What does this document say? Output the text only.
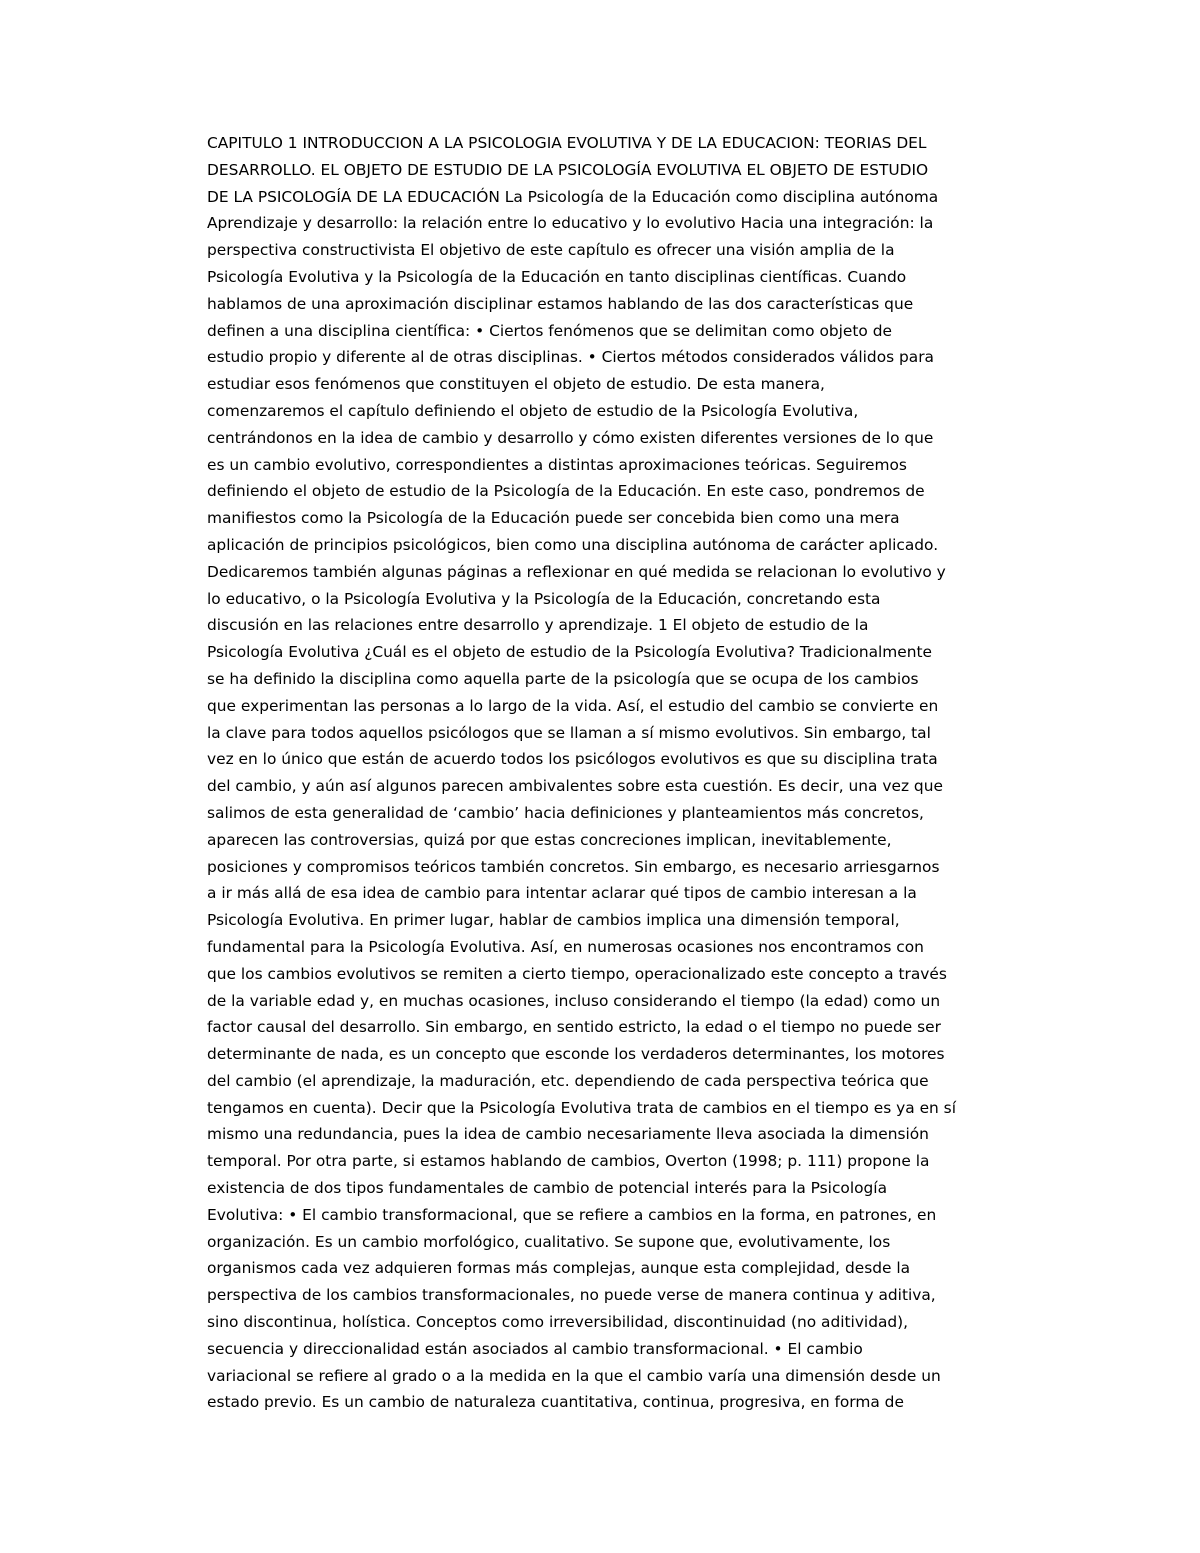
CAPITULO 1 INTRODUCCION A LA PSICOLOGIA EVOLUTIVA Y DE LA EDUCACION: TEORIAS DEL
DESARROLLO. EL OBJETO DE ESTUDIO DE LA PSICOLOGÍA EVOLUTIVA EL OBJETO DE ESTUDIO
DE LA PSICOLOGÍA DE LA EDUCACIÓN La Psicología de la Educación como disciplina autónoma
Aprendizaje y desarrollo: la relación entre lo educativo y lo evolutivo Hacia una integración: la
perspectiva constructivista El objetivo de este capítulo es ofrecer una visión amplia de la
Psicología Evolutiva y la Psicología de la Educación en tanto disciplinas científicas. Cuando
hablamos de una aproximación disciplinar estamos hablando de las dos características que
definen a una disciplina científica: • Ciertos fenómenos que se delimitan como objeto de
estudio propio y diferente al de otras disciplinas. • Ciertos métodos considerados válidos para
estudiar esos fenómenos que constituyen el objeto de estudio. De esta manera,
comenzaremos el capítulo definiendo el objeto de estudio de la Psicología Evolutiva,
centrándonos en la idea de cambio y desarrollo y cómo existen diferentes versiones de lo que
es un cambio evolutivo, correspondientes a distintas aproximaciones teóricas. Seguiremos
definiendo el objeto de estudio de la Psicología de la Educación. En este caso, pondremos de
manifiestos como la Psicología de la Educación puede ser concebida bien como una mera
aplicación de principios psicológicos, bien como una disciplina autónoma de carácter aplicado.
Dedicaremos también algunas páginas a reflexionar en qué medida se relacionan lo evolutivo y
lo educativo, o la Psicología Evolutiva y la Psicología de la Educación, concretando esta
discusión en las relaciones entre desarrollo y aprendizaje. 1 El objeto de estudio de la
Psicología Evolutiva ¿Cuál es el objeto de estudio de la Psicología Evolutiva? Tradicionalmente
se ha definido la disciplina como aquella parte de la psicología que se ocupa de los cambios
que experimentan las personas a lo largo de la vida. Así, el estudio del cambio se convierte en
la clave para todos aquellos psicólogos que se llaman a sí mismo evolutivos. Sin embargo, tal
vez en lo único que están de acuerdo todos los psicólogos evolutivos es que su disciplina trata
del cambio, y aún así algunos parecen ambivalentes sobre esta cuestión. Es decir, una vez que
salimos de esta generalidad de ‘cambio’ hacia definiciones y planteamientos más concretos,
aparecen las controversias, quizá por que estas concreciones implican, inevitablemente,
posiciones y compromisos teóricos también concretos. Sin embargo, es necesario arriesgarnos
a ir más allá de esa idea de cambio para intentar aclarar qué tipos de cambio interesan a la
Psicología Evolutiva. En primer lugar, hablar de cambios implica una dimensión temporal,
fundamental para la Psicología Evolutiva. Así, en numerosas ocasiones nos encontramos con
que los cambios evolutivos se remiten a cierto tiempo, operacionalizado este concepto a través
de la variable edad y, en muchas ocasiones, incluso considerando el tiempo (la edad) como un
factor causal del desarrollo. Sin embargo, en sentido estricto, la edad o el tiempo no puede ser
determinante de nada, es un concepto que esconde los verdaderos determinantes, los motores
del cambio (el aprendizaje, la maduración, etc. dependiendo de cada perspectiva teórica que
tengamos en cuenta). Decir que la Psicología Evolutiva trata de cambios en el tiempo es ya en sí
mismo una redundancia, pues la idea de cambio necesariamente lleva asociada la dimensión
temporal. Por otra parte, si estamos hablando de cambios, Overton (1998; p. 111) propone la
existencia de dos tipos fundamentales de cambio de potencial interés para la Psicología
Evolutiva: • El cambio transformacional, que se refiere a cambios en la forma, en patrones, en
organización. Es un cambio morfológico, cualitativo. Se supone que, evolutivamente, los
organismos cada vez adquieren formas más complejas, aunque esta complejidad, desde la
perspectiva de los cambios transformacionales, no puede verse de manera continua y aditiva,
sino discontinua, holística. Conceptos como irreversibilidad, discontinuidad (no aditividad),
secuencia y direccionalidad están asociados al cambio transformacional. • El cambio
variacional se refiere al grado o a la medida en la que el cambio varía una dimensión desde un
estado previo. Es un cambio de naturaleza cuantitativa, continua, progresiva, en forma de
